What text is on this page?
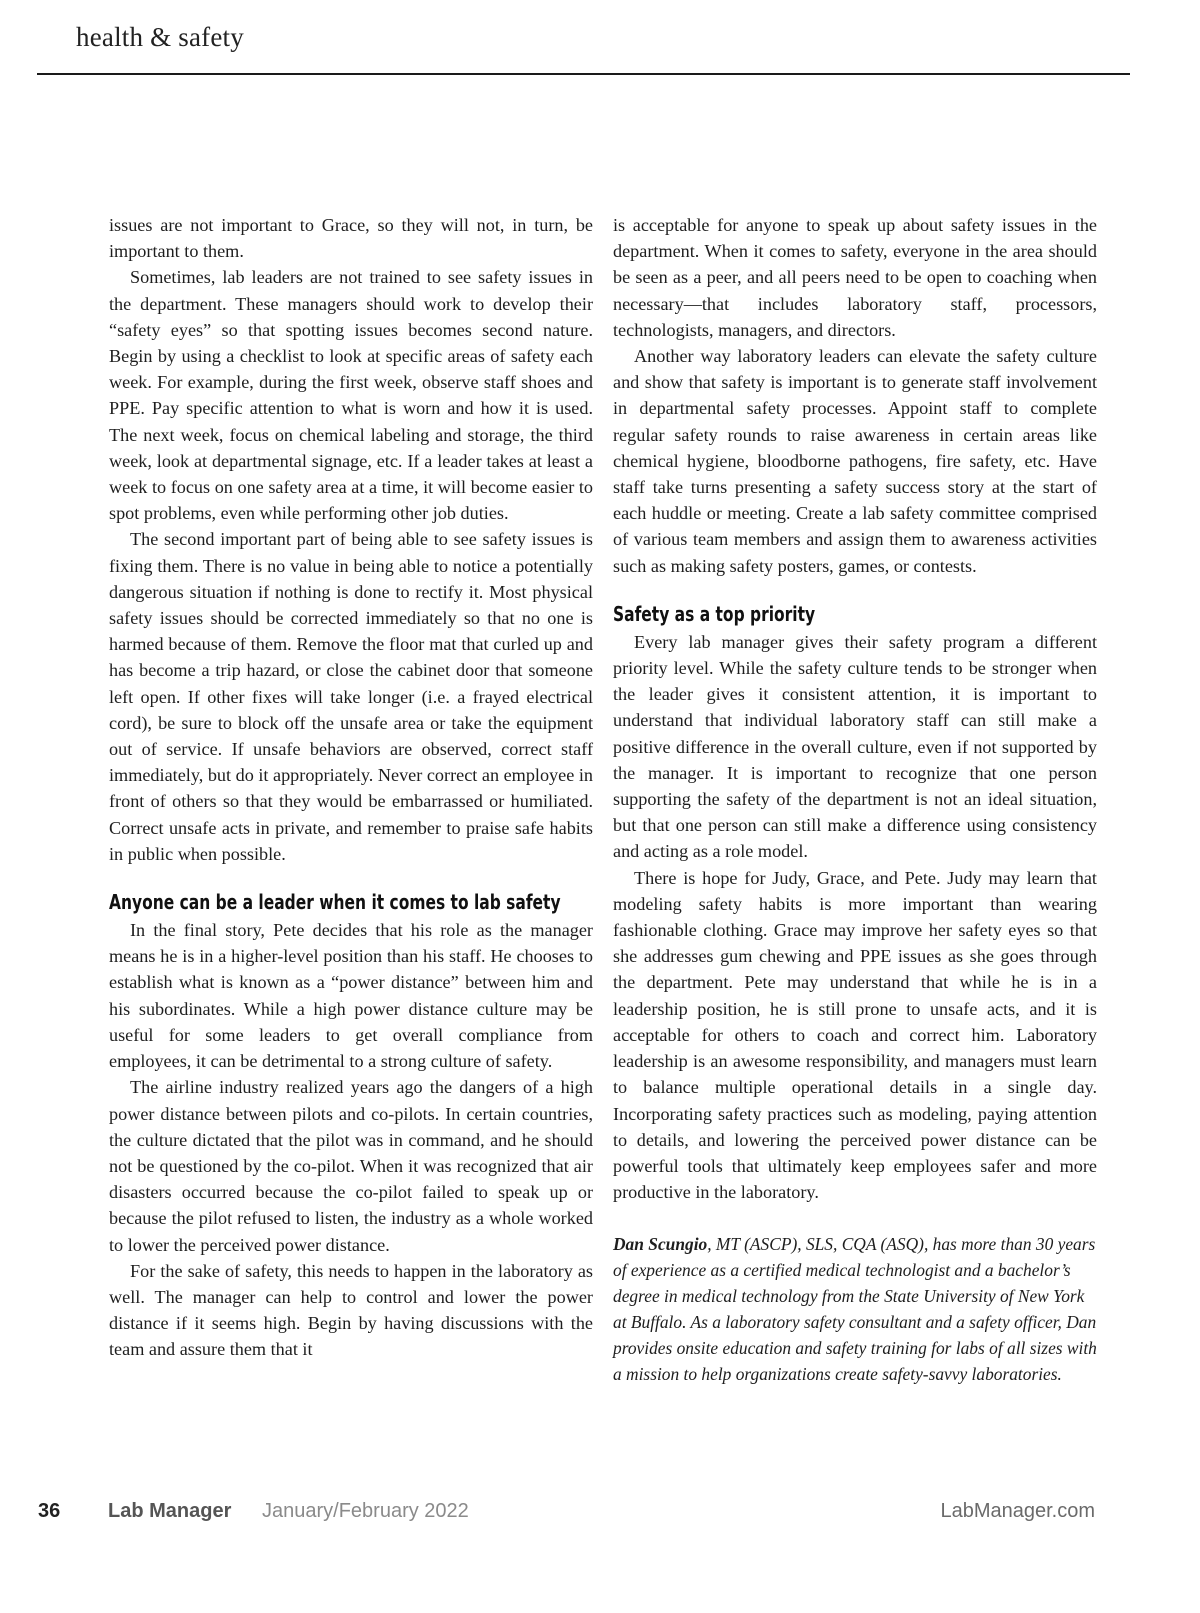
health & safety

issues are not important to Grace, so they will not, in turn, be important to them.

Sometimes, lab leaders are not trained to see safety issues in the department. These managers should work to develop their “safety eyes” so that spotting issues becomes second nature. Begin by using a checklist to look at specific areas of safety each week. For example, during the first week, observe staff shoes and PPE. Pay specific attention to what is worn and how it is used. The next week, focus on chemical labeling and storage, the third week, look at departmental signage, etc. If a leader takes at least a week to focus on one safety area at a time, it will become easier to spot problems, even while performing other job duties.

The second important part of being able to see safety issues is fixing them. There is no value in being able to notice a potentially dangerous situation if nothing is done to rectify it. Most physical safety issues should be corrected immediately so that no one is harmed because of them. Remove the floor mat that curled up and has become a trip hazard, or close the cabinet door that someone left open. If other fixes will take longer (i.e. a frayed electrical cord), be sure to block off the unsafe area or take the equipment out of service. If unsafe behaviors are observed, correct staff immediately, but do it appropriately. Never correct an employee in front of others so that they would be embarrassed or humiliated. Correct unsafe acts in private, and remember to praise safe habits in public when possible.

Anyone can be a leader when it comes to lab safety

In the final story, Pete decides that his role as the manager means he is in a higher-level position than his staff. He chooses to establish what is known as a “power distance” between him and his subordinates. While a high power distance culture may be useful for some leaders to get overall compliance from employees, it can be detrimental to a strong culture of safety.

The airline industry realized years ago the dangers of a high power distance between pilots and co-pilots. In certain countries, the culture dictated that the pilot was in command, and he should not be questioned by the co-pilot. When it was recognized that air disasters occurred because the co-pilot failed to speak up or because the pilot refused to listen, the industry as a whole worked to lower the perceived power distance.

For the sake of safety, this needs to happen in the laboratory as well. The manager can help to control and lower the power distance if it seems high. Begin by having discussions with the team and assure them that it

is acceptable for anyone to speak up about safety issues in the department. When it comes to safety, everyone in the area should be seen as a peer, and all peers need to be open to coaching when necessary—that includes laboratory staff, processors, technologists, managers, and directors.

Another way laboratory leaders can elevate the safety culture and show that safety is important is to generate staff involvement in departmental safety processes. Appoint staff to complete regular safety rounds to raise awareness in certain areas like chemical hygiene, bloodborne pathogens, fire safety, etc. Have staff take turns presenting a safety success story at the start of each huddle or meeting. Create a lab safety committee comprised of various team members and assign them to awareness activities such as making safety posters, games, or contests.

Safety as a top priority

Every lab manager gives their safety program a different priority level. While the safety culture tends to be stronger when the leader gives it consistent attention, it is important to understand that individual laboratory staff can still make a positive difference in the overall culture, even if not supported by the manager. It is important to recognize that one person supporting the safety of the department is not an ideal situation, but that one person can still make a difference using consistency and acting as a role model.

There is hope for Judy, Grace, and Pete. Judy may learn that modeling safety habits is more important than wearing fashionable clothing. Grace may improve her safety eyes so that she addresses gum chewing and PPE issues as she goes through the department. Pete may understand that while he is in a leadership position, he is still prone to unsafe acts, and it is acceptable for others to coach and correct him. Laboratory leadership is an awesome responsibility, and managers must learn to balance multiple operational details in a single day. Incorporating safety practices such as modeling, paying attention to details, and lowering the perceived power distance can be powerful tools that ultimately keep employees safer and more productive in the laboratory.

Dan Scungio, MT (ASCP), SLS, CQA (ASQ), has more than 30 years of experience as a certified medical technologist and a bachelor’s degree in medical technology from the State University of New York at Buffalo. As a laboratory safety consultant and a safety officer, Dan provides onsite education and safety training for labs of all sizes with a mission to help organizations create safety-savvy laboratories.
36 Lab Manager January/February 2022	LabManager.com
